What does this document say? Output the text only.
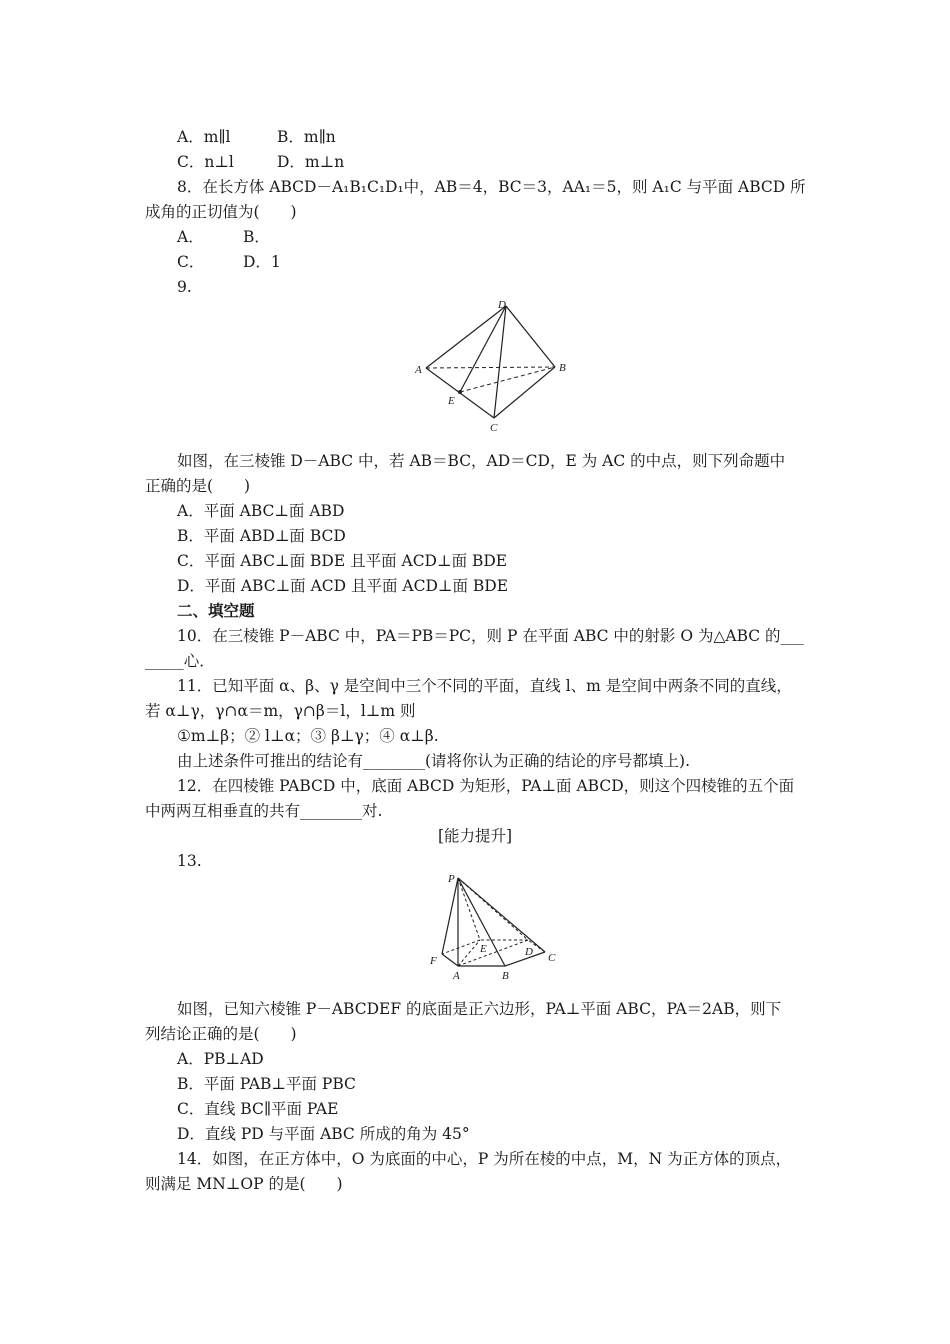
A．m∥l	B．m∥n
C．n⊥l	D．m⊥n
8．在长方体 ABCD－A₁B₁C₁D₁中，AB＝4，BC＝3，AA₁＝5，则 A₁C 与平面 ABCD 所
成角的正切值为(　　)
A．	B．
C． D．1
9.
D
A	B
E
C
如图，在三棱锥 D－ABC 中，若 AB＝BC，AD＝CD，E 为 AC 的中点，则下列命题中
正确的是(　　)
A．平面 ABC⊥面 ABD
B．平面 ABD⊥面 BCD
C．平面 ABC⊥面 BDE 且平面 ACD⊥面 BDE
D．平面 ABC⊥面 ACD 且平面 ACD⊥面 BDE
二、填空题
10．在三棱锥 P－ABC 中，PA＝PB＝PC，则 P 在平面 ABC 中的射影 O 为△ABC 的___
_____心．
11．已知平面 α、β、γ 是空间中三个不同的平面，直线 l、m 是空间中两条不同的直线，
若 α⊥γ，γ∩α＝m，γ∩β＝l，l⊥m 则
①m⊥β；② l⊥α；③ β⊥γ；④ α⊥β.
由上述条件可推出的结论有________(请将你认为正确的结论的序号都填上).
12．在四棱锥 PABCD 中，底面 ABCD 为矩形，PA⊥面 ABCD，则这个四棱锥的五个面
中两两互相垂直的共有________对.
[能力提升]
13.
P
F
A	B
C
D
E
如图，已知六棱锥 P－ABCDEF 的底面是正六边形，PA⊥平面 ABC，PA＝2AB，则下
列结论正确的是(　　)
A．PB⊥AD
B．平面 PAB⊥平面 PBC
C．直线 BC∥平面 PAE
D．直线 PD 与平面 ABC 所成的角为 45°
14．如图，在正方体中，O 为底面的中心，P 为所在棱的中点，M，N 为正方体的顶点，
则满足 MN⊥OP 的是(　　)
